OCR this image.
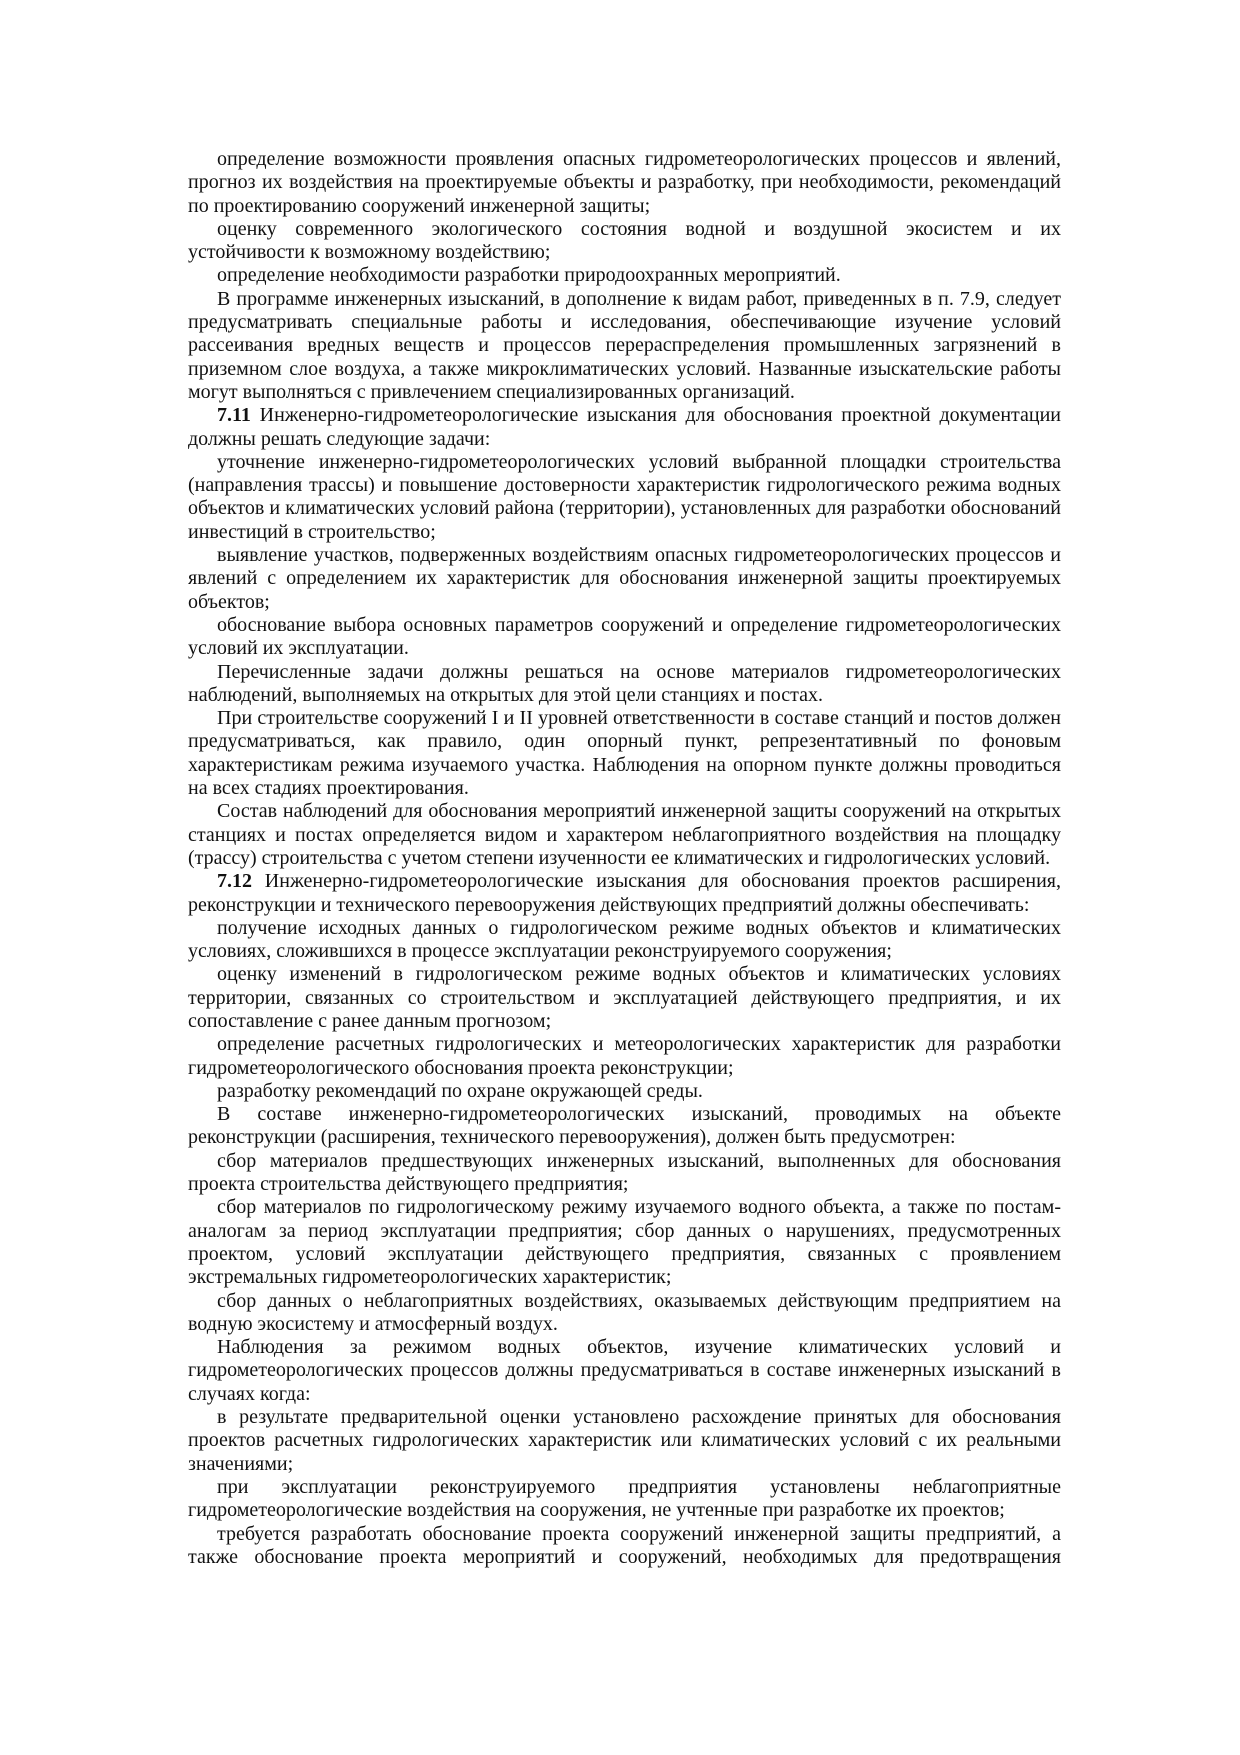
определение возможности проявления опасных гидрометеорологических процессов и явлений, прогноз их воздействия на проектируемые объекты и разработку, при необходимости, рекомендаций по проектированию сооружений инженерной защиты;

оценку современного экологического состояния водной и воздушной экосистем и их устойчивости к возможному воздействию;

определение необходимости разработки природоохранных мероприятий.

В программе инженерных изысканий, в дополнение к видам работ, приведенных в п. 7.9, следует предусматривать специальные работы и исследования, обеспечивающие изучение условий рассеивания вредных веществ и процессов перераспределения промышленных загрязнений в приземном слое воздуха, а также микроклиматических условий. Названные изыскательские работы могут выполняться с привлечением специализированных организаций.

7.11 Инженерно-гидрометеорологические изыскания для обоснования проектной документации должны решать следующие задачи:

уточнение инженерно-гидрометеорологических условий выбранной площадки строительства (направления трассы) и повышение достоверности характеристик гидрологического режима водных объектов и климатических условий района (территории), установленных для разработки обоснований инвестиций в строительство;

выявление участков, подверженных воздействиям опасных гидрометеорологических процессов и явлений с определением их характеристик для обоснования инженерной защиты проектируемых объектов;

обоснование выбора основных параметров сооружений и определение гидрометеорологических условий их эксплуатации.

Перечисленные задачи должны решаться на основе материалов гидрометеорологических наблюдений, выполняемых на открытых для этой цели станциях и постах.

При строительстве сооружений I и II уровней ответственности в составе станций и постов должен предусматриваться, как правило, один опорный пункт, репрезентативный по фоновым характеристикам режима изучаемого участка. Наблюдения на опорном пункте должны проводиться на всех стадиях проектирования.

Состав наблюдений для обоснования мероприятий инженерной защиты сооружений на открытых станциях и постах определяется видом и характером неблагоприятного воздействия на площадку (трассу) строительства с учетом степени изученности ее климатических и гидрологических условий.

7.12 Инженерно-гидрометеорологические изыскания для обоснования проектов расширения, реконструкции и технического перевооружения действующих предприятий должны обеспечивать:

получение исходных данных о гидрологическом режиме водных объектов и климатических условиях, сложившихся в процессе эксплуатации реконструируемого сооружения;

оценку изменений в гидрологическом режиме водных объектов и климатических условиях территории, связанных со строительством и эксплуатацией действующего предприятия, и их сопоставление с ранее данным прогнозом;

определение расчетных гидрологических и метеорологических характеристик для разработки гидрометеорологического обоснования проекта реконструкции;

разработку рекомендаций по охране окружающей среды.

В составе инженерно-гидрометеорологических изысканий, проводимых на объекте реконструкции (расширения, технического перевооружения), должен быть предусмотрен:

сбор материалов предшествующих инженерных изысканий, выполненных для обоснования проекта строительства действующего предприятия;

сбор материалов по гидрологическому режиму изучаемого водного объекта, а также по постам-аналогам за период эксплуатации предприятия; сбор данных о нарушениях, предусмотренных проектом, условий эксплуатации действующего предприятия, связанных с проявлением экстремальных гидрометеорологических характеристик;

сбор данных о неблагоприятных воздействиях, оказываемых действующим предприятием на водную экосистему и атмосферный воздух.

Наблюдения за режимом водных объектов, изучение климатических условий и гидрометеорологических процессов должны предусматриваться в составе инженерных изысканий в случаях когда:

в результате предварительной оценки установлено расхождение принятых для обоснования проектов расчетных гидрологических характеристик или климатических условий с их реальными значениями;

при эксплуатации реконструируемого предприятия установлены неблагоприятные гидрометеорологические воздействия на сооружения, не учтенные при разработке их проектов;

требуется разработать обоснование проекта сооружений инженерной защиты предприятий, а также обоснование проекта мероприятий и сооружений, необходимых для предотвращения
